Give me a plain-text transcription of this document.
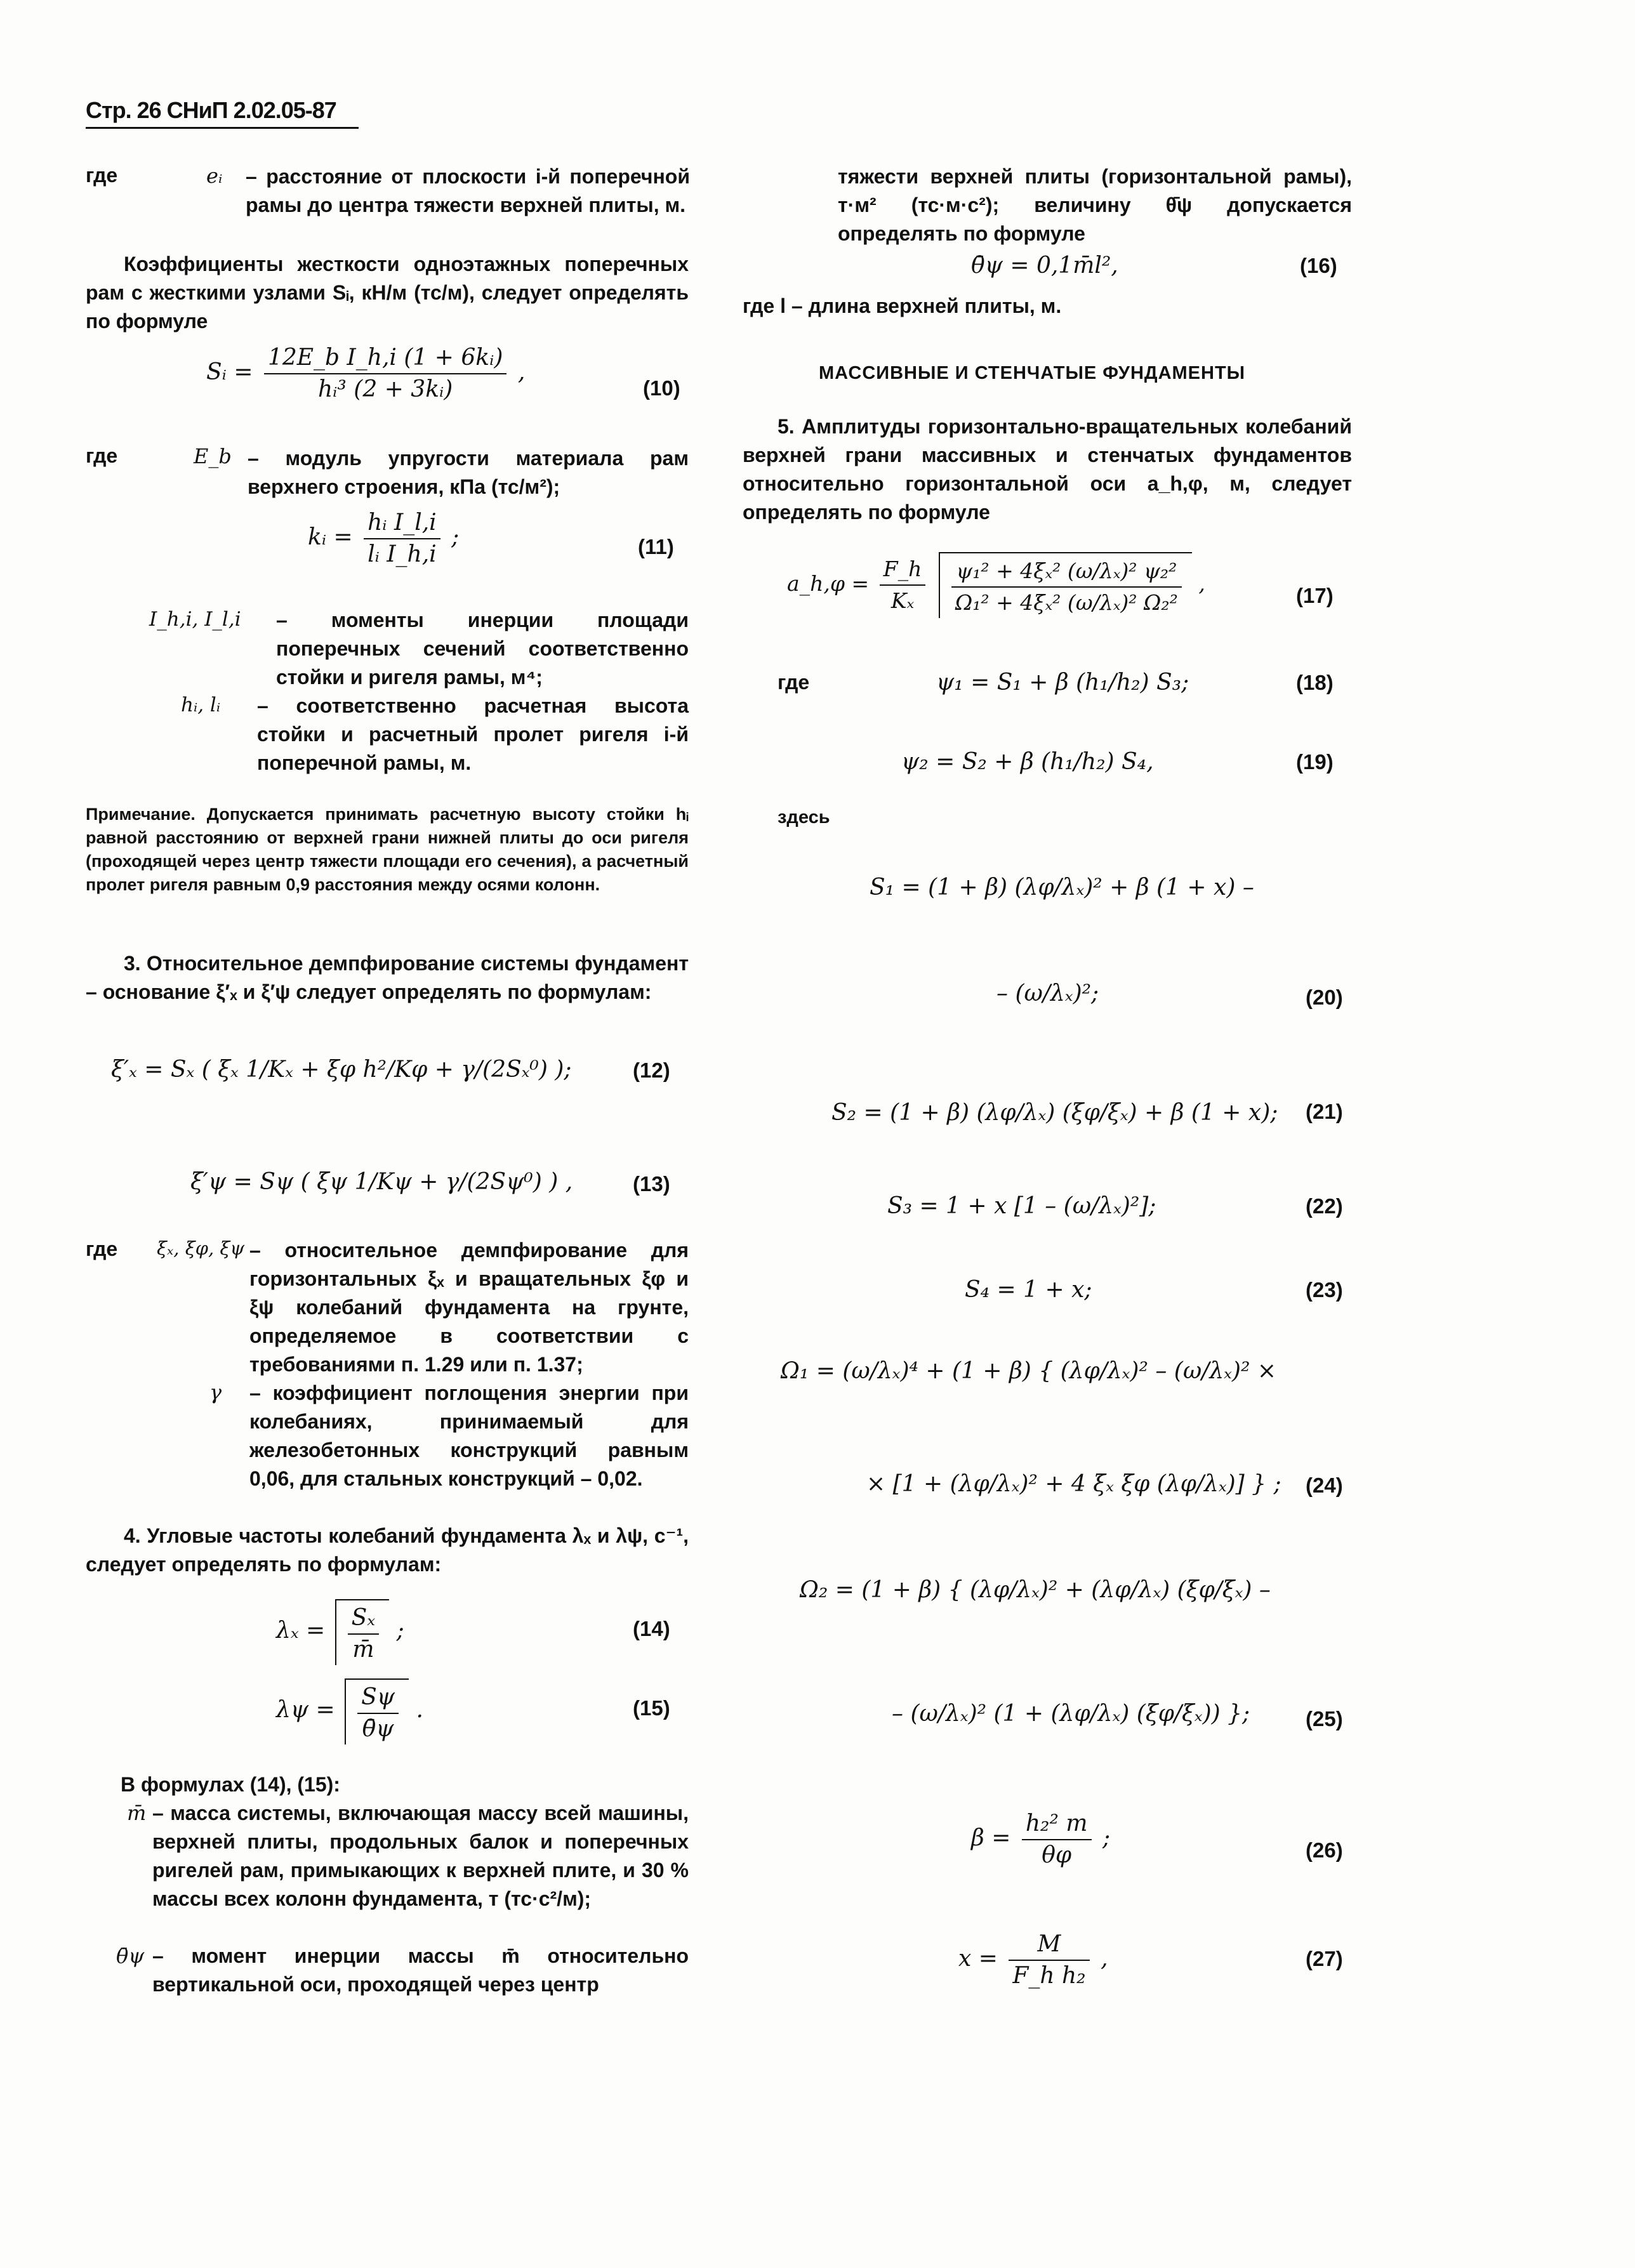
Стр. 26 СНиП 2.02.05-87
где	eᵢ – расстояние от плоскости i-й поперечной рамы до центра тяжести верхней плиты, м.

Коэффициенты жесткости одноэтажных поперечных рам с жесткими узлами Sᵢ, кН/м (тс/м), следует определять по формуле

Sᵢ = $\frac{\text{12E\_b I\_h,i (1 + 6kᵢ)}}{\text{hᵢ³ (2 + 3kᵢ)}}$ ,
(10)
где	E_b – модуль упругости материала рам верхнего строения, кПа (тс/м²);

kᵢ = $\frac{\text{hᵢ I\_l,i}}{\text{lᵢ I\_h,i}}$ ;	(11)
I_h,i, I_l,i – моменты инерции площади поперечных сечений соответственно стойки и ригеля рамы, м⁴;

hᵢ, lᵢ – соответственно расчетная высота стойки и расчетный пролет ригеля i-й поперечной рамы, м.

Примечание. Допускается принимать расчетную высоту стойки hᵢ равной расстоянию от верхней грани нижней плиты до оси ригеля (проходящей через центр тяжести площади его сечения), а расчетный пролет ригеля равным 0,9 расстояния между осями колонн.

3. Относительное демпфирование системы фундамент – основание ξ′ₓ и ξ′ψ следует определять по формулам:

ξ′ₓ = Sₓ ( ξₓ 1/Kₓ + ξφ h²/Kφ + γ/(2Sₓ⁰) );	(12)
ξ′ψ = Sψ ( ξψ 1/Kψ + γ/(2Sψ⁰) ) ,	(13)
где ξₓ, ξφ, ξψ – относительное демпфирование для горизонтальных ξₓ и вращательных ξφ и ξψ колебаний фундамента на грунте, определяемое в соответствии с требованиями п. 1.29 или п. 1.37;

γ – коэффициент поглощения энергии при колебаниях, принимаемый для железобетонных конструкций равным 0,06, для стальных конструкций – 0,02.

4. Угловые частоты колебаний фундамента λₓ и λψ, с⁻¹, следует определять по формулам:

$\lambda_x = \frac{\text{Sₓ}}{m̄}$ ;	(14)
$\lambda\psi = \frac{S\psi}{\thetā\psi}$ .	(15)

В формулах (14), (15):

m̄ – масса системы, включающая массу всей машины, верхней плиты, продольных балок и поперечных ригелей рам, примыкающих к верхней плите, и 30 % массы всех колонн фундамента, т (тс·с²/м);

θ̄ψ – момент инерции массы m̄ относительно вертикальной оси, проходящей через центр

тяжести верхней плиты (горизонтальной рамы), т·м² (тс·м·с²); величину θ̄ψ допускается определять по формуле

θ̄ψ = 0,1m̄l²,	(16)

где l – длина верхней плиты, м.

МАССИВНЫЕ И СТЕНЧАТЫЕ ФУНДАМЕНТЫ

5. Амплитуды горизонтально-вращательных колебаний верхней грани массивных и стенчатых фундаментов относительно горизонтальной оси a_h,φ, м, следует определять по формуле

a_h,φ = $\frac{F\_h}{\text{Kₓ}}$
$\frac{\text{ψ₁² + 4ξₓ² (ω/λₓ)² ψ₂²}}{\text{Ω₁² + 4ξₓ² (ω/λₓ)² Ω₂²}}$ ,	(17)
где	ψ₁ = S₁ + β (h₁/h₂) S₃;	(18)
ψ₂ = S₂ + β (h₁/h₂) S₄,	(19)
здесь
S₁ = (1 + β) (λφ/λₓ)² + β (1 + x) –
– (ω/λₓ)²;	(20)
S₂ = (1 + β) (λφ/λₓ) (ξφ/ξₓ) + β (1 + x); (21)
S₃ = 1 + x [1 – (ω/λₓ)²];	(22)
S₄ = 1 + x;	(23)
Ω₁ = (ω/λₓ)⁴ + (1 + β) { (λφ/λₓ)² – (ω/λₓ)² ×
× [1 + (λφ/λₓ)² + 4 ξₓ ξφ (λφ/λₓ)] } ; (24)
Ω₂ = (1 + β) { (λφ/λₓ)² + (λφ/λₓ) (ξφ/ξₓ) –
– (ω/λₓ)² (1 + (λφ/λₓ) (ξφ/ξₓ)) };	(25)
$\beta = \frac{\text{h₂² m}}{\theta\varphi}$ ;	(26)
$x = \frac{M}{\text{F\_h h₂}}$ ,	(27)
